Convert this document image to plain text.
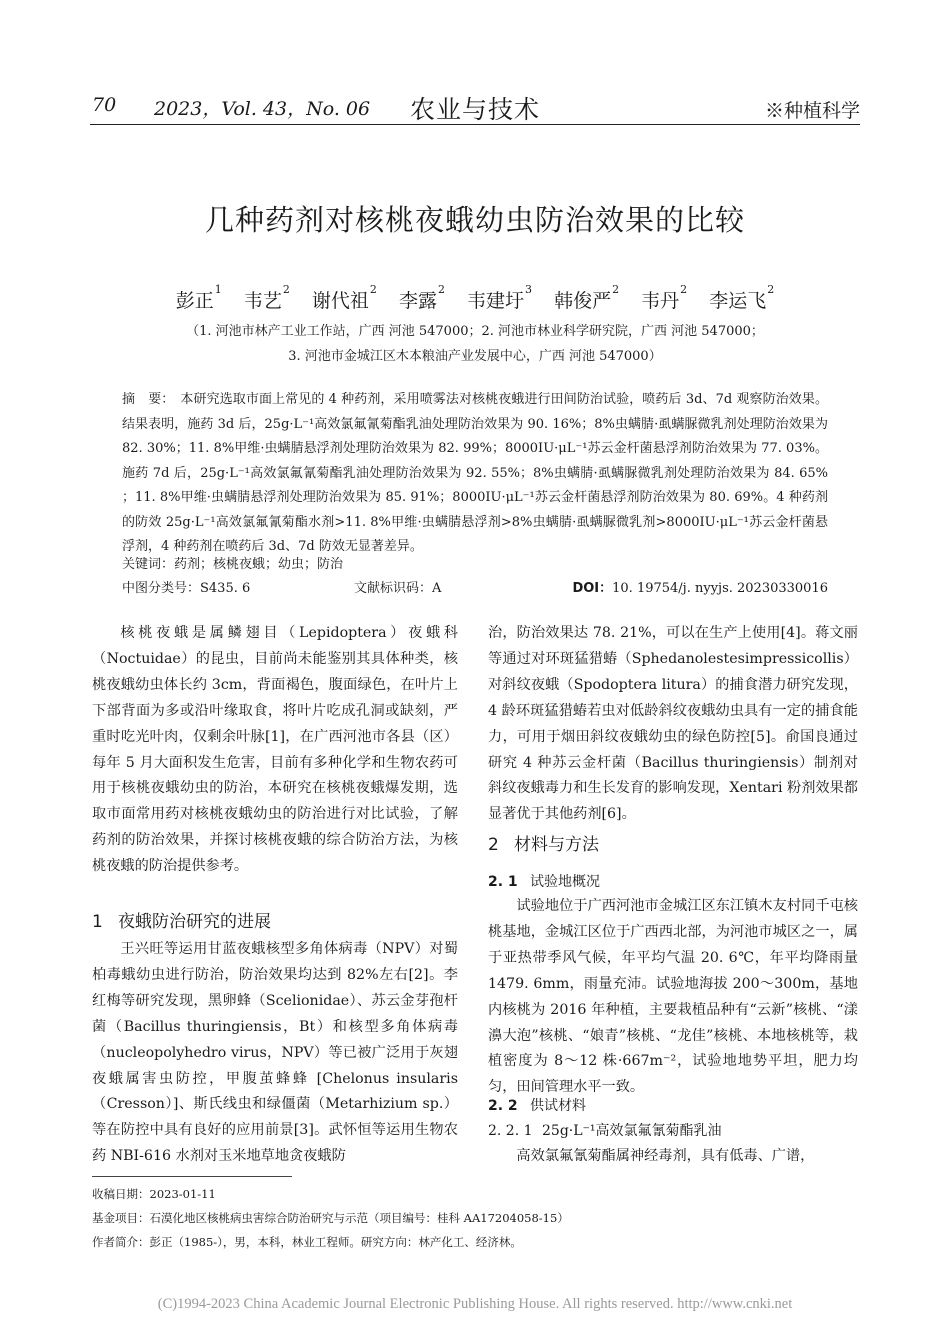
70 2023，Vol. 43，No. 06 农业与技术	※种植科学
几种药剂对核桃夜蛾幼虫防治效果的比较
彭正$^1$ 韦艺$^2$ 谢代祖$^2$ 李露$^2$ 韦建圩$^3$ 韩俊严$^2$ 韦丹$^2$ 李运飞$^2$
（1. 河池市林产工业工作站，广西 河池 547000；2. 河池市林业科学研究院，广西 河池 547000；
3. 河池市金城江区木本粮油产业发展中心，广西 河池 547000）
摘　要： 本研究选取市面上常见的 4 种药剂，采用喷雾法对核桃夜蛾进行田间防治试验，喷药后 3d、7d 观察防治效果。结果表明，施药 3d 后，25g·L⁻¹高效氯氟氰菊酯乳油处理防治效果为 90. 16%；8%虫螨腈·虱螨脲微乳剂处理防治效果为 82. 30%；11. 8%甲维·虫螨腈悬浮剂处理防治效果为 82. 99%；8000IU·μL⁻¹苏云金杆菌悬浮剂防治效果为 77. 03%。施药 7d 后，25g·L⁻¹高效氯氟氰菊酯乳油处理防治效果为 92. 55%；8%虫螨腈·虱螨脲微乳剂处理防治效果为 84. 65% ；11. 8%甲维·虫螨腈悬浮剂处理防治效果为 85. 91%；8000IU·μL⁻¹苏云金杆菌悬浮剂防治效果为 80. 69%。4 种药剂的防效 25g·L⁻¹高效氯氟氰菊酯水剂>11. 8%甲维·虫螨腈悬浮剂>8%虫螨腈·虱螨脲微乳剂>8000IU·μL⁻¹苏云金杆菌悬浮剂，4 种药剂在喷药后 3d、7d 防效无显著差异。
关键词：药剂；核桃夜蛾；幼虫；防治
中图分类号：S435. 6	文献标识码：A	DOI：10. 19754/j. nyyjs. 20230330016

核桃夜蛾是属鳞翅目（Lepidoptera）夜蛾科（Noctuidae）的昆虫，目前尚未能鉴别其具体种类，核桃夜蛾幼虫体长约 3cm，背面褐色，腹面绿色，在叶片上下部背面为多或沿叶缘取食，将叶片吃成孔洞或缺刻，严重时吃光叶肉，仅剩余叶脉[1]，在广西河池市各县（区）每年 5 月大面积发生危害，目前有多种化学和生物农药可用于核桃夜蛾幼虫的防治，本研究在核桃夜蛾爆发期，选取市面常用药对核桃夜蛾幼虫的防治进行对比试验，了解药剂的防治效果，并探讨核桃夜蛾的综合防治方法，为核桃夜蛾的防治提供参考。

1 夜蛾防治研究的进展

王兴旺等运用甘蓝夜蛾核型多角体病毒（NPV）对蜀柏毒蛾幼虫进行防治，防治效果均达到 82%左右[2]。李红梅等研究发现，黑卵蜂（Scelionidae）、苏云金芽孢杆菌（Bacillus thuringiensis，Bt）和核型多角体病毒（nucleopolyhedro virus，NPV）等已被广泛用于灰翅夜蛾属害虫防控，甲腹茧蜂蜂 [Chelonus insularis（Cresson）]、斯氏线虫和绿僵菌（Metarhizium sp.）等在防控中具有良好的应用前景[3]。武怀恒等运用生物农药 NBI-616 水剂对玉米地草地贪夜蛾防

治，防治效果达 78. 21%，可以在生产上使用[4]。蒋文丽等通过对环斑猛猎蝽（Sphedanolestesimpressicollis）对斜纹夜蛾（Spodoptera litura）的捕食潜力研究发现，4 龄环斑猛猎蝽若虫对低龄斜纹夜蛾幼虫具有一定的捕食能力，可用于烟田斜纹夜蛾幼虫的绿色防控[5]。俞国良通过研究 4 种苏云金杆菌（Bacillus thuringiensis）制剂对斜纹夜蛾毒力和生长发育的影响发现，Xentari 粉剂效果都显著优于其他药剂[6]。

2 材料与方法
2. 1 试验地概况

试验地位于广西河池市金城江区东江镇木友村同千屯核桃基地，金城江区位于广西西北部，为河池市城区之一，属于亚热带季风气候，年平均气温 20. 6℃，年平均降雨量 1479. 6mm，雨量充沛。试验地海拔 200～300m，基地内核桃为 2016 年种植，主要栽植品种有“云新”核桃、“漾濞大泡”核桃、“娘青”核桃、“龙佳”核桃、本地核桃等，栽植密度为 8～12 株·667m⁻²，试验地地势平坦，肥力均匀，田间管理水平一致。

2. 2 供试材料
2. 2. 1 25g·L⁻¹高效氯氟氰菊酯乳油

高效氯氟氰菊酯属神经毒剂，具有低毒、广谱，

收稿日期：2023-01-11
基金项目：石漠化地区核桃病虫害综合防治研究与示范（项目编号：桂科 AA17204058-15）
作者简介：彭正（1985-），男，本科，林业工程师。研究方向：林产化工、经济林。
(C)1994-2023 China Academic Journal Electronic Publishing House. All rights reserved. http://www.cnki.net
